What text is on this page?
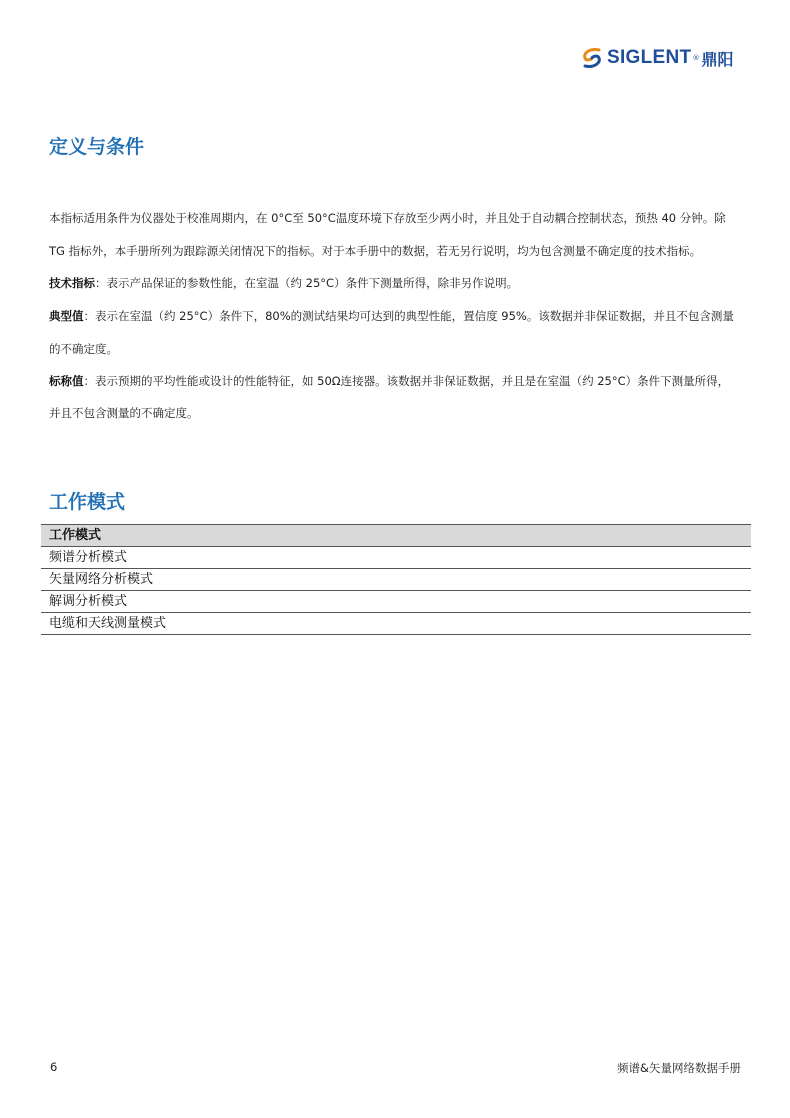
SIGLENT ® 鼎阳
定义与条件
本指标适用条件为仪器处于校准周期内，在 0°C至 50°C温度环境下存放至少两小时，并且处于自动耦合控制状态，预热 40 分钟。除
TG 指标外，本手册所列为跟踪源关闭情况下的指标。对于本手册中的数据，若无另行说明，均为包含测量不确定度的技术指标。
技术指标：表示产品保证的参数性能，在室温（约 25°C）条件下测量所得，除非另作说明。
典型值：表示在室温（约 25°C）条件下，80%的测试结果均可达到的典型性能，置信度 95%。该数据并非保证数据，并且不包含测量
的不确定度。
标称值：表示预期的平均性能或设计的性能特征，如 50Ω连接器。该数据并非保证数据，并且是在室温（约 25°C）条件下测量所得，
并且不包含测量的不确定度。
工作模式
工作模式
频谱分析模式
矢量网络分析模式
解调分析模式
电缆和天线测量模式
6	频谱&矢量网络数据手册
